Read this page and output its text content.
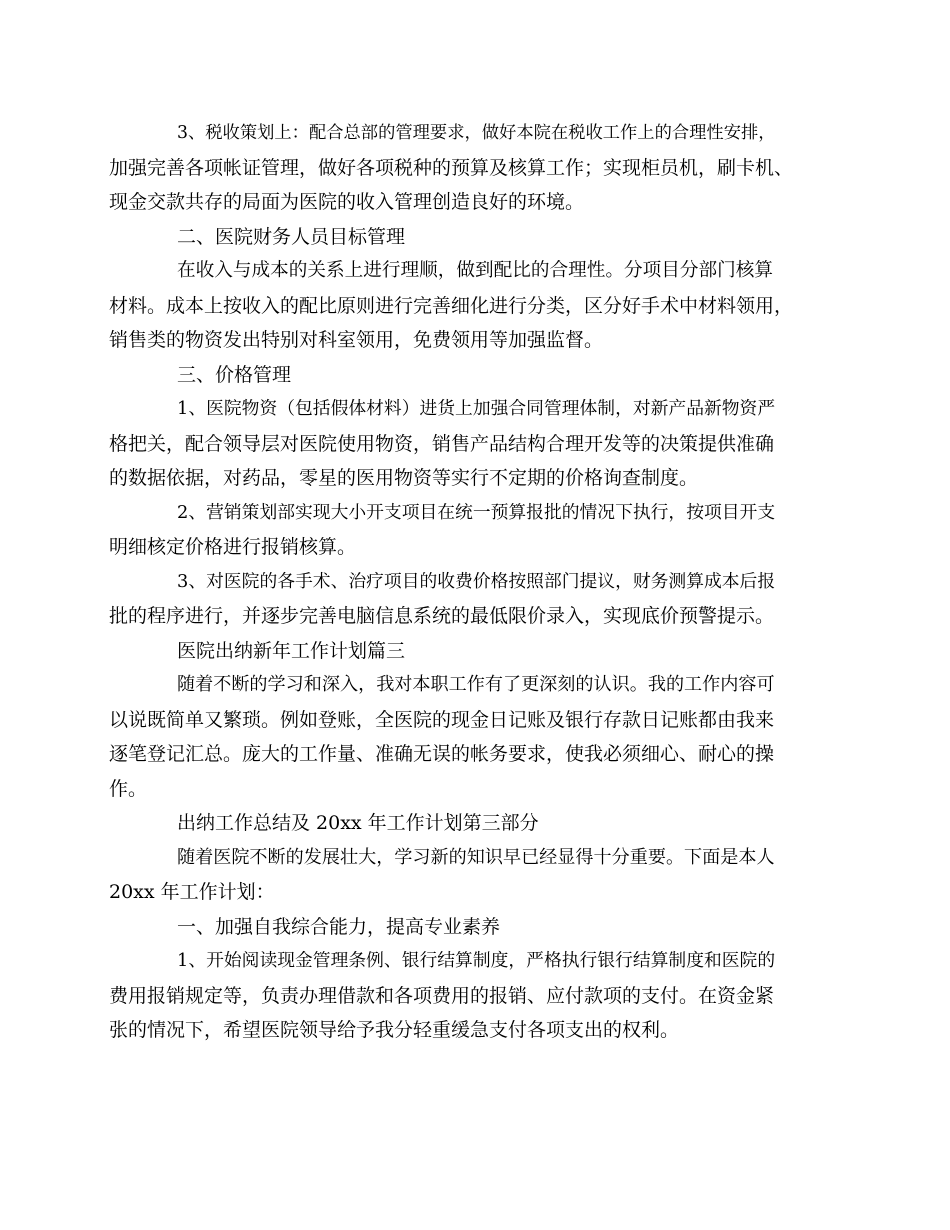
3、税收策划上：配合总部的管理要求，做好本院在税收工作上的合理性安排，
加强完善各项帐证管理，做好各项税种的预算及核算工作；实现柜员机，刷卡机、
现金交款共存的局面为医院的收入管理创造良好的环境。

二、医院财务人员目标管理

在收入与成本的关系上进行理顺，做到配比的合理性。分项目分部门核算
材料。成本上按收入的配比原则进行完善细化进行分类，区分好手术中材料领用，
销售类的物资发出特别对科室领用，免费领用等加强监督。

三、价格管理

1、医院物资（包括假体材料）进货上加强合同管理体制，对新产品新物资严
格把关，配合领导层对医院使用物资，销售产品结构合理开发等的决策提供准确
的数据依据，对药品，零星的医用物资等实行不定期的价格询查制度。

2、营销策划部实现大小开支项目在统一预算报批的情况下执行，按项目开支
明细核定价格进行报销核算。

3、对医院的各手术、治疗项目的收费价格按照部门提议，财务测算成本后报
批的程序进行，并逐步完善电脑信息系统的最低限价录入，实现底价预警提示。

医院出纳新年工作计划篇三

随着不断的学习和深入，我对本职工作有了更深刻的认识。我的工作内容可
以说既简单又繁琐。例如登账，全医院的现金日记账及银行存款日记账都由我来
逐笔登记汇总。庞大的工作量、准确无误的帐务要求，使我必须细心、耐心的操
作。

出纳工作总结及 20xx 年工作计划第三部分

随着医院不断的发展壮大，学习新的知识早已经显得十分重要。下面是本人
20xx 年工作计划：

一、加强自我综合能力，提高专业素养

1、开始阅读现金管理条例、银行结算制度，严格执行银行结算制度和医院的
费用报销规定等，负责办理借款和各项费用的报销、应付款项的支付。在资金紧
张的情况下，希望医院领导给予我分轻重缓急支付各项支出的权利。
